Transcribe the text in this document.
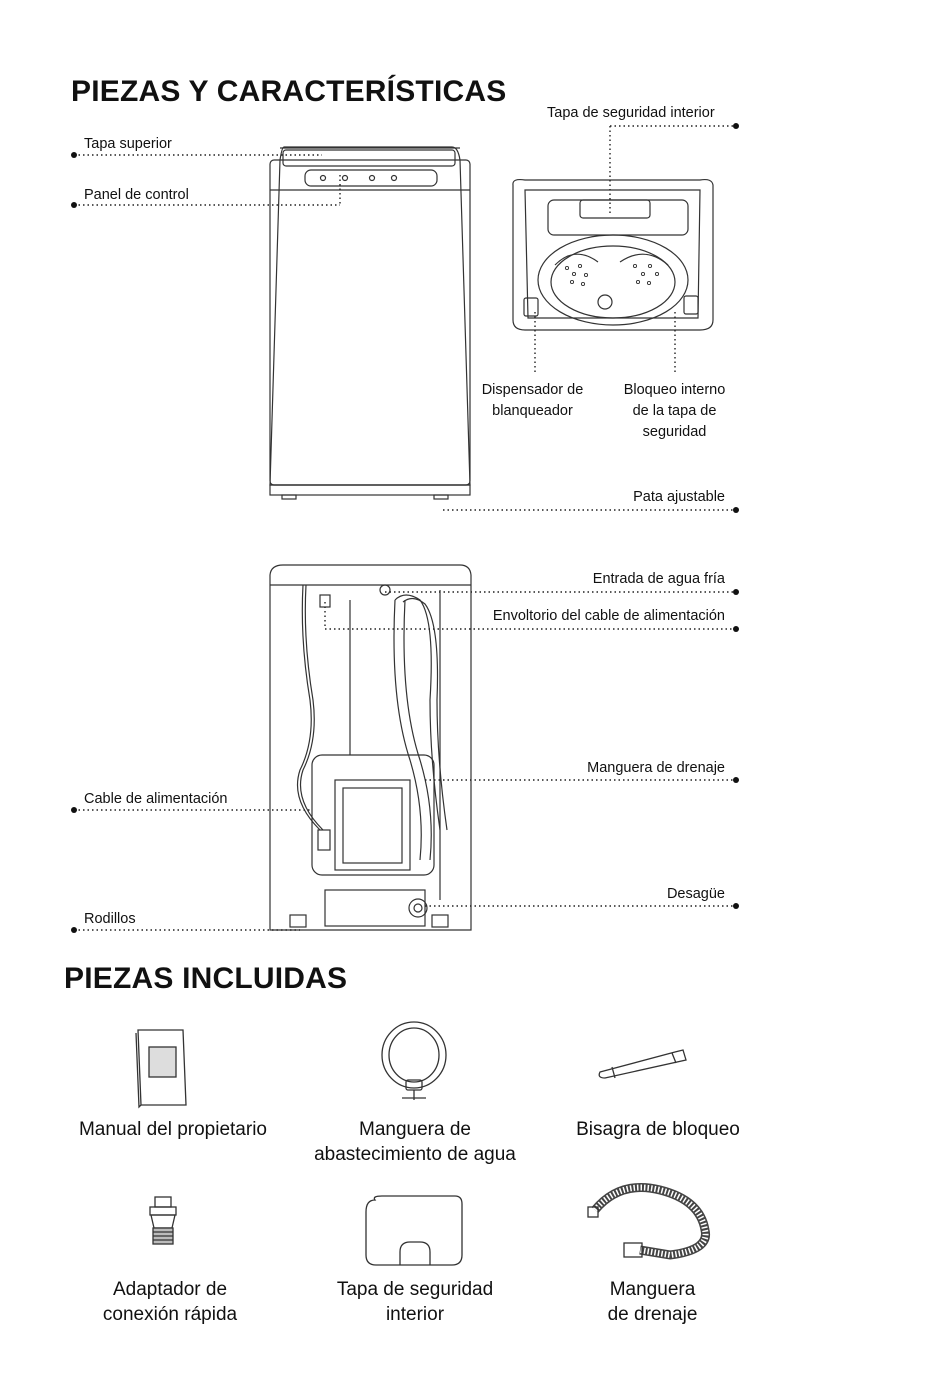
PIEZAS Y CARACTERÍSTICAS
Tapa de seguridad interior
Tapa superior
Panel de control
Dispensador de
blanqueador
Bloqueo interno
de la tapa de
seguridad
Pata ajustable
Entrada de agua fría
Envoltorio del cable de alimentación
Manguera de drenaje
Cable de alimentación
Desagüe
Rodillos
PIEZAS INCLUIDAS
Manual del propietario	Manguera de
abastecimiento de agua
Bisagra de bloqueo
Adaptador de
conexión rápida
Tapa de seguridad
interior
Manguera
de drenaje
